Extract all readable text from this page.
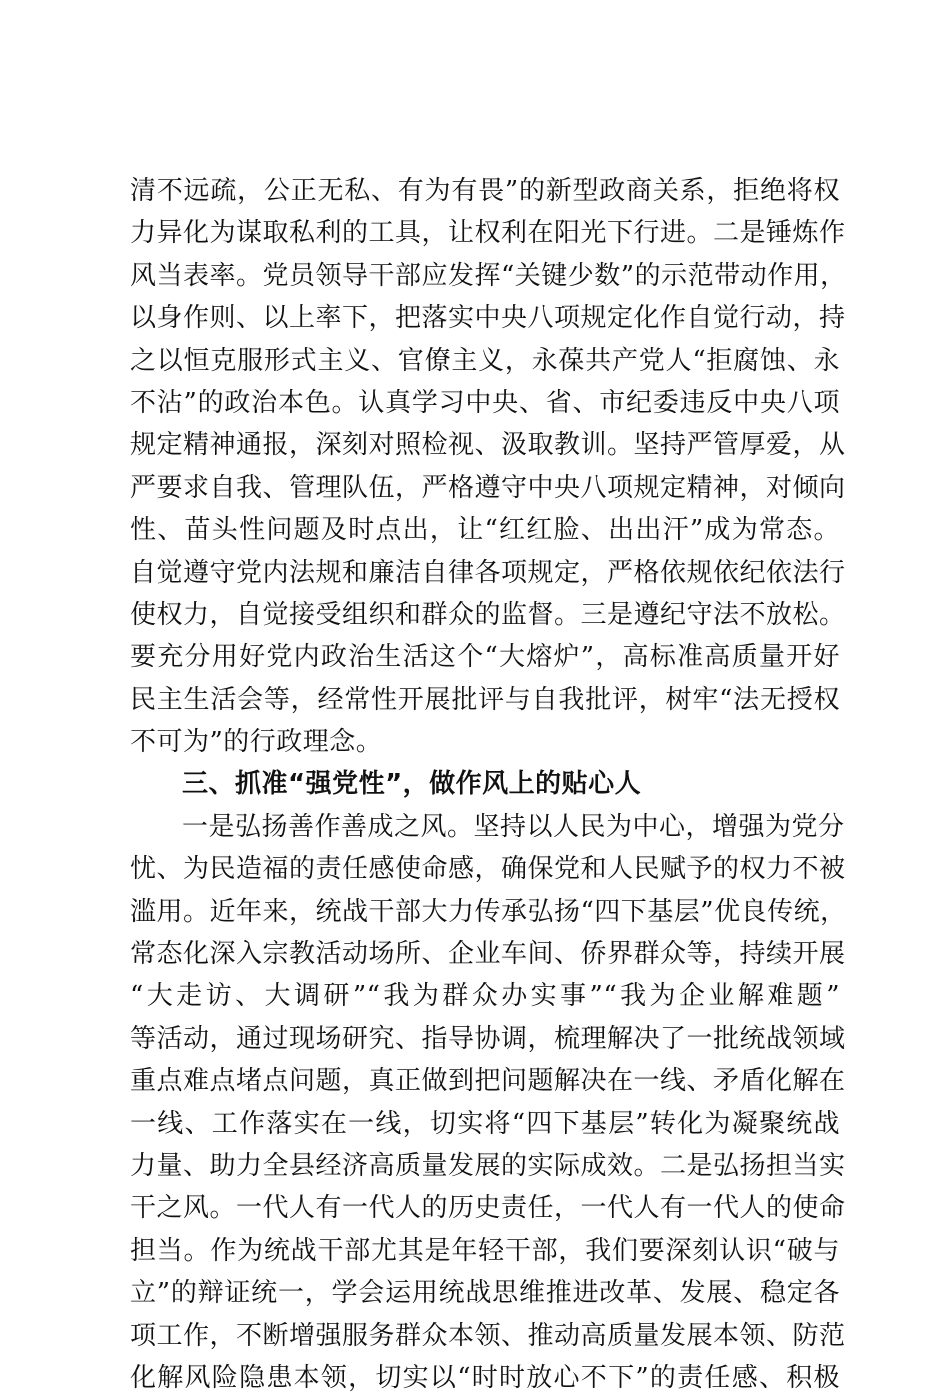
清不远疏，公正无私、有为有畏”的新型政商关系，拒绝将权
力异化为谋取私利的工具，让权利在阳光下行进。二是锤炼作
风当表率。党员领导干部应发挥“关键少数”的示范带动作用，
以身作则、以上率下，把落实中央八项规定化作自觉行动，持
之以恒克服形式主义、官僚主义，永葆共产党人“拒腐蚀、永
不沾”的政治本色。认真学习中央、省、市纪委违反中央八项
规定精神通报，深刻对照检视、汲取教训。坚持严管厚爱，从
严要求自我、管理队伍，严格遵守中央八项规定精神，对倾向
性、苗头性问题及时点出，让“红红脸、出出汗”成为常态。
自觉遵守党内法规和廉洁自律各项规定，严格依规依纪依法行
使权力，自觉接受组织和群众的监督。三是遵纪守法不放松。
要充分用好党内政治生活这个“大熔炉”，高标准高质量开好
民主生活会等，经常性开展批评与自我批评，树牢“法无授权
不可为”的行政理念。
三、抓准“强党性”，做作风上的贴心人
一是弘扬善作善成之风。坚持以人民为中心，增强为党分
忧、为民造福的责任感使命感，确保党和人民赋予的权力不被
滥用。近年来，统战干部大力传承弘扬“四下基层”优良传统，
常态化深入宗教活动场所、企业车间、侨界群众等，持续开展
“大走访、大调研”“我为群众办实事”“我为企业解难题”
等活动，通过现场研究、指导协调，梳理解决了一批统战领域
重点难点堵点问题，真正做到把问题解决在一线、矛盾化解在
一线、工作落实在一线，切实将“四下基层”转化为凝聚统战
力量、助力全县经济高质量发展的实际成效。二是弘扬担当实
干之风。一代人有一代人的历史责任，一代人有一代人的使命
担当。作为统战干部尤其是年轻干部，我们要深刻认识“破与
立”的辩证统一，学会运用统战思维推进改革、发展、稳定各
项工作，不断增强服务群众本领、推动高质量发展本领、防范
化解风险隐患本领，切实以“时时放心不下”的责任感、积极
